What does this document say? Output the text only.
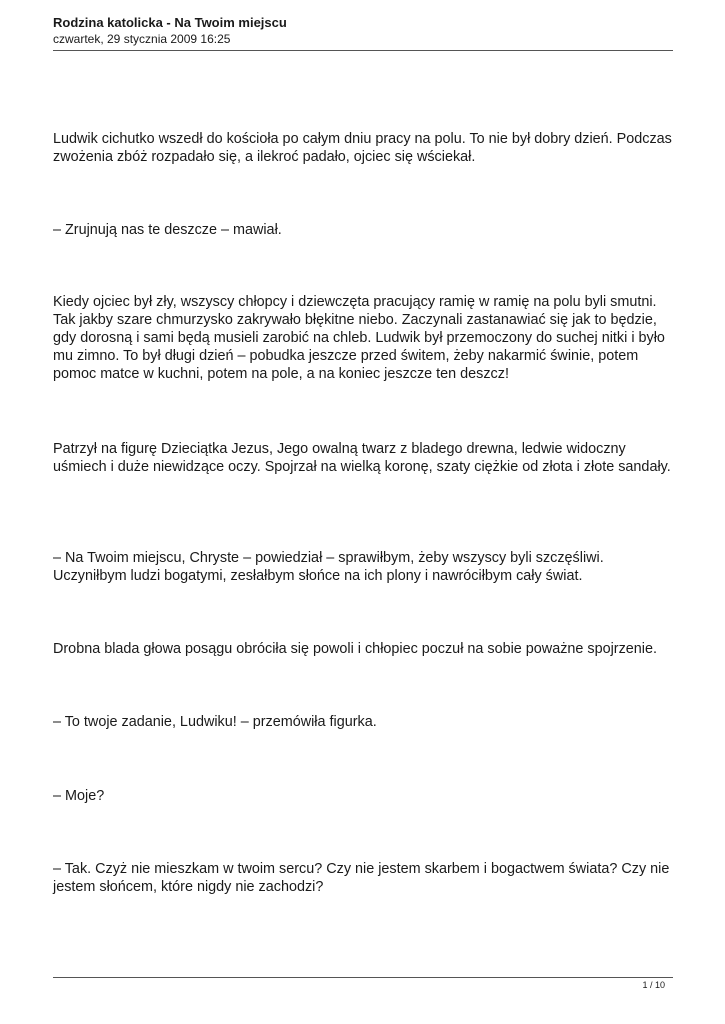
Rodzina katolicka - Na Twoim miejscu
czwartek, 29 stycznia 2009 16:25

Ludwik cichutko wszedł do kościoła po całym dniu pracy na polu. To nie był dobry dzień. Podczas zwożenia zbóż rozpadało się, a ilekroć padało, ojciec się wściekał.

– Zrujnują nas te deszcze – mawiał.

Kiedy ojciec był zły, wszyscy chłopcy i dziewczęta pracujący ramię w ramię na polu byli smutni. Tak jakby szare chmurzysko zakrywało błękitne niebo. Zaczynali zastanawiać się jak to będzie, gdy dorosną i sami będą musieli zarobić na chleb. Ludwik był przemoczony do suchej nitki i było mu zimno. To był długi dzień – pobudka jeszcze przed świtem, żeby nakarmić świnie, potem pomoc matce w kuchni, potem na pole, a na koniec jeszcze ten deszcz!

Patrzył na figurę Dzieciątka Jezus, Jego owalną twarz z bladego drewna, ledwie widoczny uśmiech i duże niewidzące oczy. Spojrzał na wielką koronę, szaty ciężkie od złota i złote sandały.

– Na Twoim miejscu, Chryste – powiedział – sprawiłbym, żeby wszyscy byli szczęśliwi. Uczyniłbym ludzi bogatymi, zesłałbym słońce na ich plony i nawróciłbym cały świat.

Drobna blada głowa posągu obróciła się powoli i chłopiec poczuł na sobie poważne spojrzenie.

– To twoje zadanie, Ludwiku! – przemówiła figurka.

– Moje?

– Tak. Czyż nie mieszkam w twoim sercu? Czy nie jestem skarbem i bogactwem świata? Czy nie jestem słońcem, które nigdy nie zachodzi?

1 / 10
